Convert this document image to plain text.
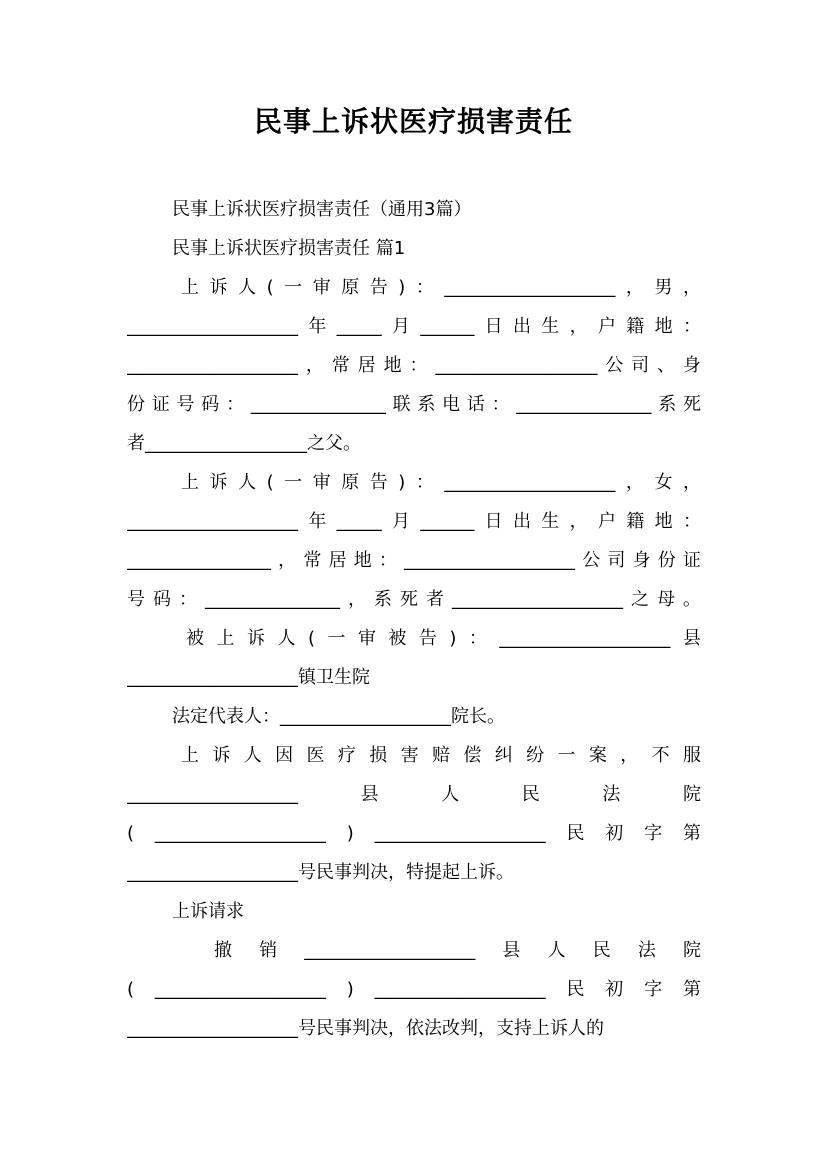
民事上诉状医疗损害责任
民事上诉状医疗损害责任（通用3篇）
民事上诉状医疗损害责任 篇1
上 诉 人 ( 一 审 原 告 ) ： ___________________ ， 男 ，
___________________ 年 _____ 月 ______ 日 出 生 ， 户 籍 地 ：
___________________ ， 常 居 地 ： __________________ 公 司 、 身
份 证 号 码 ： _______________ 联 系 电 话 ： _______________ 系 死
者__________________之父。
上 诉 人 ( 一 审 原 告 ) ： ___________________ ， 女 ，
___________________ 年 _____ 月 ______ 日 出 生 ， 户 籍 地 ：
________________ ， 常 居 地 ： ___________________ 公 司 身 份 证
号 码 ： _______________ ， 系 死 者 ___________________ 之 母 。
被 上 诉 人 ( 一 审 被 告 ) ： ___________________ 县
___________________镇卫生院
法定代表人：___________________院长。
上 诉 人 因 医 疗 损 害 赔 偿 纠 纷 一 案 ， 不 服
___________________	县	人	民	法	院
( ___________________ ) ___________________ 民 初 字 第
___________________号民事判决，特提起上诉。
上诉请求
撤 销 ___________________ 县 人 民 法 院
( ___________________ ) ___________________ 民 初 字 第
___________________号民事判决，依法改判，支持上诉人的
